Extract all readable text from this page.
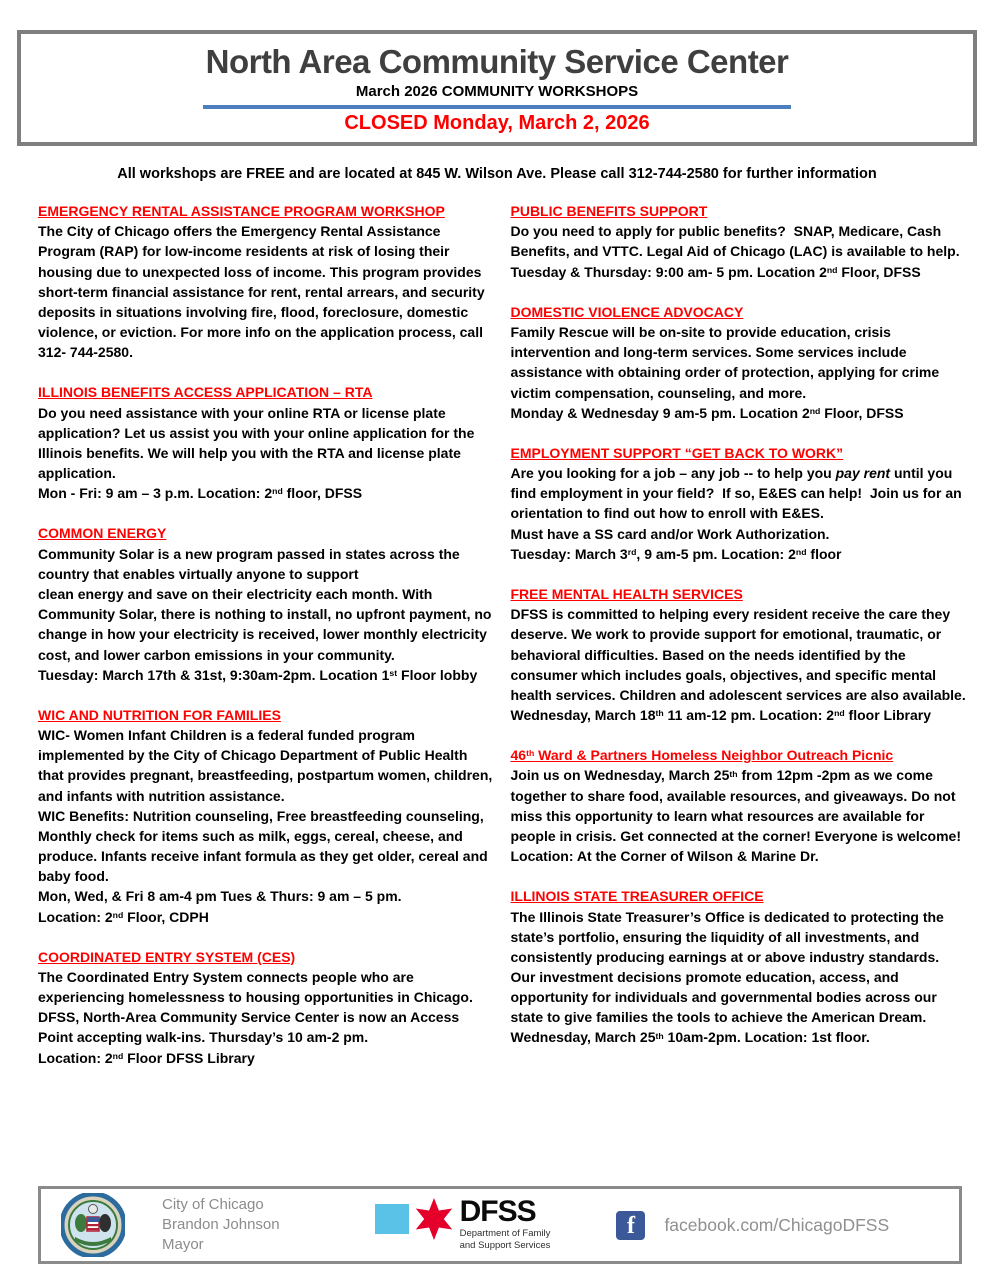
North Area Community Service Center
March 2026 COMMUNITY WORKSHOPS
CLOSED Monday, March 2, 2026
All workshops are FREE and are located at 845 W. Wilson Ave. Please call 312-744-2580 for further information
EMERGENCY RENTAL ASSISTANCE PROGRAM WORKSHOP

The City of Chicago offers the Emergency Rental Assistance Program (RAP) for low-income residents at risk of losing their housing due to unexpected loss of income. This program provides short-term financial assistance for rent, rental arrears, and security deposits in situations involving fire, flood, foreclosure, domestic violence, or eviction. For more info on the application process, call 312- 744-2580.

ILLINOIS BENEFITS ACCESS APPLICATION – RTA

Do you need assistance with your online RTA or license plate application? Let us assist you with your online application for the Illinois benefits. We will help you with the RTA and license plate application.

Mon - Fri: 9 am – 3 p.m. Location: 2nd floor, DFSS

COMMON ENERGY

Community Solar is a new program passed in states across the country that enables virtually anyone to support

clean energy and save on their electricity each month. With Community Solar, there is nothing to install, no upfront payment, no change in how your electricity is received, lower monthly electricity cost, and lower carbon emissions in your community.

Tuesday: March 17th & 31st, 9:30am-2pm. Location 1st Floor lobby

WIC AND NUTRITION FOR FAMILIES

WIC- Women Infant Children is a federal funded program implemented by the City of Chicago Department of Public Health that provides pregnant, breastfeeding, postpartum women, children, and infants with nutrition assistance.

WIC Benefits: Nutrition counseling, Free breastfeeding counseling, Monthly check for items such as milk, eggs, cereal, cheese, and produce. Infants receive infant formula as they get older, cereal and baby food.

Mon, Wed, & Fri 8 am-4 pm Tues & Thurs: 9 am – 5 pm.

Location: 2nd Floor, CDPH

COORDINATED ENTRY SYSTEM (CES)

The Coordinated Entry System connects people who are experiencing homelessness to housing opportunities in Chicago. DFSS, North-Area Community Service Center is now an Access Point accepting walk-ins. Thursday’s 10 am-2 pm.

Location: 2nd Floor DFSS Library

PUBLIC BENEFITS SUPPORT

Do you need to apply for public benefits?  SNAP, Medicare, Cash Benefits, and VTTC. Legal Aid of Chicago (LAC) is available to help.

Tuesday & Thursday: 9:00 am- 5 pm. Location 2nd Floor, DFSS

DOMESTIC VIOLENCE ADVOCACY

Family Rescue will be on-site to provide education, crisis intervention and long-term services. Some services include assistance with obtaining order of protection, applying for crime victim compensation, counseling, and more.

Monday & Wednesday 9 am-5 pm. Location 2nd Floor, DFSS

EMPLOYMENT SUPPORT “GET BACK TO WORK”

Are you looking for a job – any job -- to help you pay rent until you find employment in your field?  If so, E&ES can help!  Join us for an orientation to find out how to enroll with E&ES.

Must have a SS card and/or Work Authorization.

Tuesday: March 3rd, 9 am-5 pm. Location: 2nd floor

FREE MENTAL HEALTH SERVICES

DFSS is committed to helping every resident receive the care they deserve. We work to provide support for emotional, traumatic, or behavioral difficulties. Based on the needs identified by the consumer which includes goals, objectives, and specific mental health services. Children and adolescent services are also available.

Wednesday, March 18th 11 am-12 pm. Location: 2nd floor Library

46th Ward & Partners Homeless Neighbor Outreach Picnic

Join us on Wednesday, March 25th from 12pm -2pm as we come together to share food, available resources, and giveaways. Do not miss this opportunity to learn what resources are available for people in crisis. Get connected at the corner! Everyone is welcome!

Location: At the Corner of Wilson & Marine Dr.

ILLINOIS STATE TREASURER OFFICE

The Illinois State Treasurer’s Office is dedicated to protecting the state’s portfolio, ensuring the liquidity of all investments, and consistently producing earnings at or above industry standards. Our investment decisions promote education, access, and opportunity for individuals and governmental bodies across our state to give families the tools to achieve the American Dream.

Wednesday, March 25th 10am-2pm. Location: 1st floor.

City of Chicago
Brandon Johnson
Mayor
DFSS
Department of Family
and Support Services
f	facebook.com/ChicagoDFSS
